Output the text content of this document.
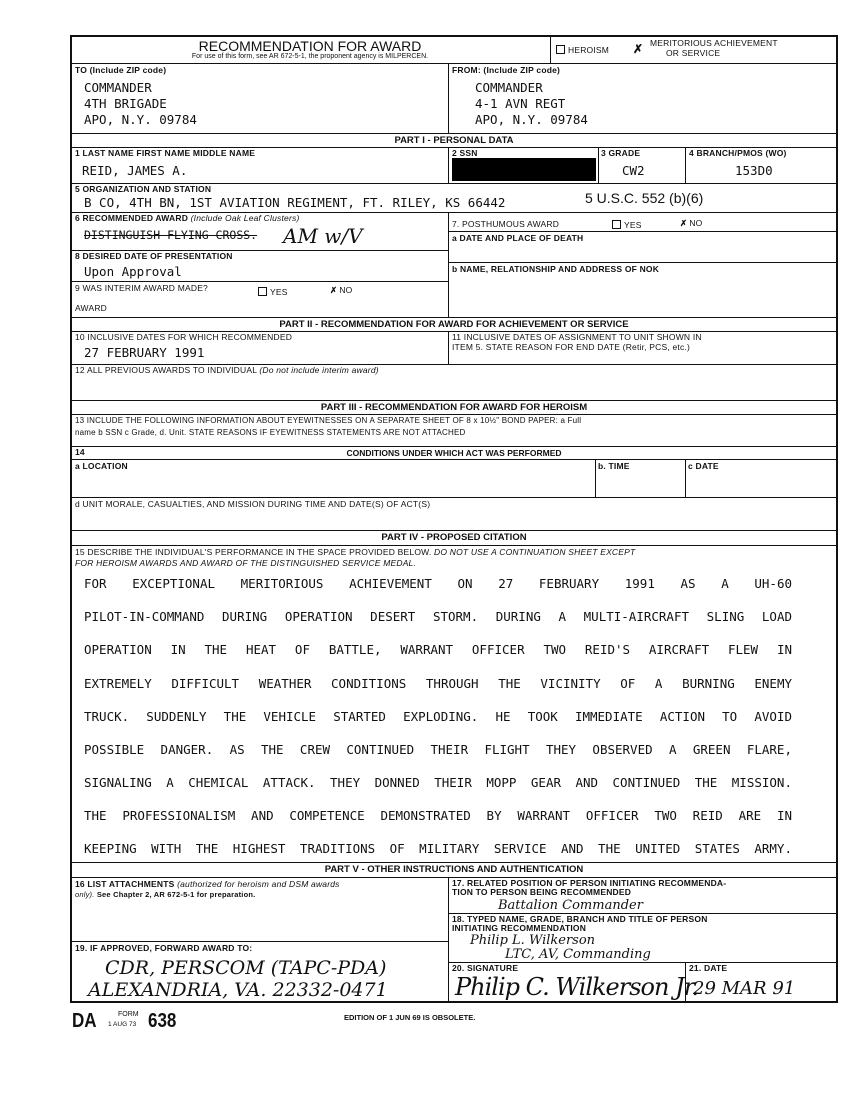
RECOMMENDATION FOR AWARD
For use of this form, see AR 672-5-1, the proponent agency is MILPERCEN.
HEROISM ✗ MERITORIOUS ACHIEVEMENT
OR SERVICE
TO (Include ZIP code)
COMMANDER
4TH BRIGADE
APO, N.Y. 09784
FROM: (Include ZIP code)
COMMANDER
4-1 AVN REGT
APO, N.Y. 09784
PART I - PERSONAL DATA
1 LAST NAME FIRST NAME MIDDLE NAME
REID, JAMES A.
2 SSN	3 GRADE
CW2
4 BRANCH/PMOS (WO)
153D0
5 ORGANIZATION AND STATION
B CO, 4TH BN, 1ST AVIATION REGIMENT, FT. RILEY, KS 66442	5 U.S.C. 552 (b)(6)
6 RECOMMENDED AWARD (Include Oak Leaf Clusters)
DISTINGUISH FLYING CROSS. AM w/V	7. POSTHUMOUS AWARD	YES	✗ NO
a DATE AND PLACE OF DEATH
8 DESIRED DATE OF PRESENTATION
Upon Approval	b NAME, RELATIONSHIP AND ADDRESS OF NOK
9 WAS INTERIM AWARD MADE?	YES	✗ NO
AWARD
PART II - RECOMMENDATION FOR AWARD FOR ACHIEVEMENT OR SERVICE
10 INCLUSIVE DATES FOR WHICH RECOMMENDED
27 FEBRUARY 1991
11 INCLUSIVE DATES OF ASSIGNMENT TO UNIT SHOWN IN
ITEM 5. STATE REASON FOR END DATE (Retir, PCS, etc.)
12 ALL PREVIOUS AWARDS TO INDIVIDUAL (Do not include interim award)
PART III - RECOMMENDATION FOR AWARD FOR HEROISM
13 INCLUDE THE FOLLOWING INFORMATION ABOUT EYEWITNESSES ON A SEPARATE SHEET OF 8 x 10½" BOND PAPER: a Full
name b SSN c Grade, d. Unit. STATE REASONS IF EYEWITNESS STATEMENTS ARE NOT ATTACHED
14	CONDITIONS UNDER WHICH ACT WAS PERFORMED
a LOCATION	b. TIME	c DATE
d UNIT MORALE, CASUALTIES, AND MISSION DURING TIME AND DATE(S) OF ACT(S)
PART IV - PROPOSED CITATION
15 DESCRIBE THE INDIVIDUAL'S PERFORMANCE IN THE SPACE PROVIDED BELOW. DO NOT USE A CONTINUATION SHEET EXCEPT
FOR HEROISM AWARDS AND AWARD OF THE DISTINGUISHED SERVICE MEDAL.
FOR EXCEPTIONAL MERITORIOUS ACHIEVEMENT ON 27 FEBRUARY 1991 AS A UH-60
PILOT-IN-COMMAND DURING OPERATION DESERT STORM. DURING A MULTI-AIRCRAFT SLING LOAD
OPERATION IN THE HEAT OF BATTLE, WARRANT OFFICER TWO REID'S AIRCRAFT FLEW IN
EXTREMELY DIFFICULT WEATHER CONDITIONS THROUGH THE VICINITY OF A BURNING ENEMY
TRUCK. SUDDENLY THE VEHICLE STARTED EXPLODING. HE TOOK IMMEDIATE ACTION TO AVOID
POSSIBLE DANGER. AS THE CREW CONTINUED THEIR FLIGHT THEY OBSERVED A GREEN FLARE,
SIGNALING A CHEMICAL ATTACK. THEY DONNED THEIR MOPP GEAR AND CONTINUED THE MISSION.
THE PROFESSIONALISM AND COMPETENCE DEMONSTRATED BY WARRANT OFFICER TWO REID ARE IN
KEEPING WITH THE HIGHEST TRADITIONS OF MILITARY SERVICE AND THE UNITED STATES ARMY.
PART V - OTHER INSTRUCTIONS AND AUTHENTICATION
16 LIST ATTACHMENTS (authorized for heroism and DSM awards
only). See Chapter 2, AR 672-5-1 for preparation.
17. RELATED POSITION OF PERSON INITIATING RECOMMENDA-
TION TO PERSON BEING RECOMMENDED
Battalion Commander
18. TYPED NAME, GRADE, BRANCH AND TITLE OF PERSON
INITIATING RECOMMENDATION
Philip L. Wilkerson
LTC, AV, Commanding
19. IF APPROVED, FORWARD AWARD TO:
CDR, PERSCOM (TAPC-PDA)
ALEXANDRIA, VA. 22332-0471
20. SIGNATURE
Philip C. Wilkerson Jr.
21. DATE
29 MAR 91
DA	FORM
1 AUG 73 638	EDITION OF 1 JUN 69 IS OBSOLETE.
